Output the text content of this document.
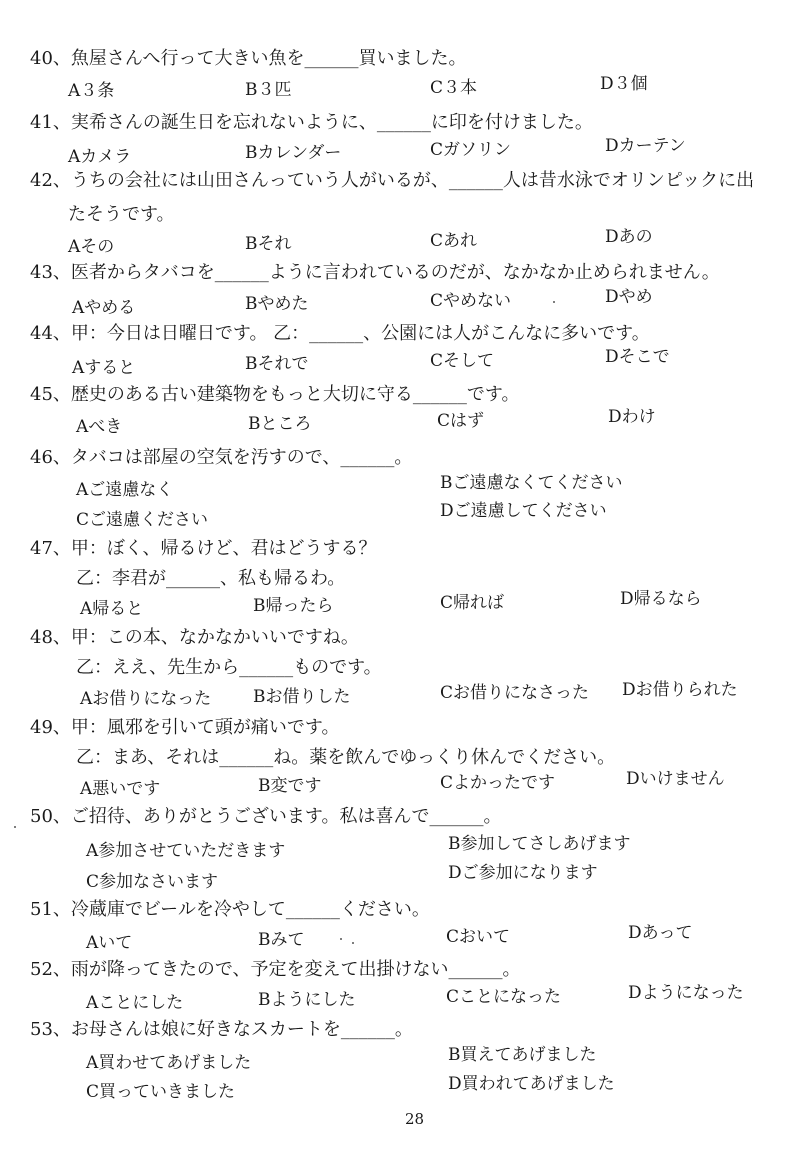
40、魚屋さんへ行って大きい魚を______買いました。
A３条	B３匹	C３本	D３個
41、実希さんの誕生日を忘れないように、______に印を付けました。
Aカメラ	Bカレンダー	Cガソリン	Dカーテン
42、うちの会社には山田さんっていう人がいるが、______人は昔水泳でオリンピックに出
たそうです。
Aその	Bそれ	Cあれ	Dあの
43、医者からタバコを______ように言われているのだが、なかなか止められません。
Aやめる	Bやめた	Cやめない	Dやめ
44、甲：今日は日曜日です。 乙：______、公園には人がこんなに多いです。
Aすると	Bそれで	Cそして	Dそこで
45、歴史のある古い建築物をもっと大切に守る______です。
Aべき	Bところ	Cはず	Dわけ
46、タバコは部屋の空気を汚すので、______。
Aご遠慮なく	Bご遠慮なくてください
Cご遠慮ください	Dご遠慮してください
47、甲：ぼく、帰るけど、君はどうする？
乙：李君が______、私も帰るわ。
A帰ると	B帰ったら	C帰れば	D帰るなら
48、甲：この本、なかなかいいですね。
乙：ええ、先生から______ものです。
Aお借りになった Bお借りした	Cお借りになさった Dお借りられた
49、甲：風邪を引いて頭が痛いです。
乙：まあ、それは______ね。薬を飲んでゆっくり休んでください。
A悪いです	B変です	Cよかったです	Dいけません
50、ご招待、ありがとうございます。私は喜んで______。
A参加させていただきます	B参加してさしあげます
C参加なさいます	Dご参加になります
51、冷蔵庫でビールを冷やして______ください。
Aいて	Bみて	Cおいて	Dあって
52、雨が降ってきたので、予定を変えて出掛けない______。
Aことにした	Bようにした	Cことになった	Dようになった
53、お母さんは娘に好きなスカートを______。
A買わせてあげました	B買えてあげました
C買っていきました	D買われてあげました
28
